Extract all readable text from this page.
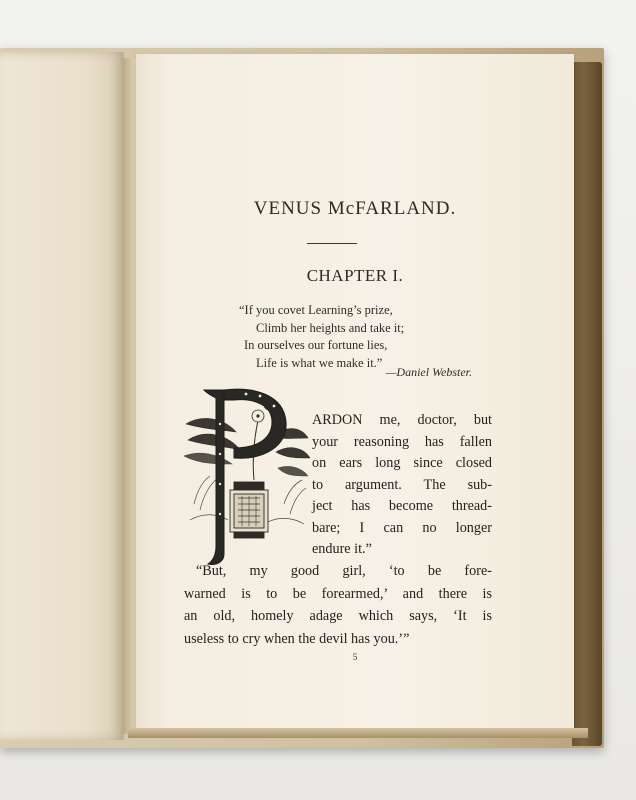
VENUS McFARLAND.
CHAPTER I.
“If you covet Learning’s prize,
Climb her heights and take it;
In ourselves our fortune lies,
Life is what we make it.”
—Daniel Webster.
ARDON me, doctor, but
your reasoning has fallen
on ears long since closed
to argument. The sub-
ject has become thread-
bare; I can no longer
endure it.”
“But, my good girl, ‘to be fore-
warned is to be forearmed,’ and there is
an old, homely adage which says, ‘It is
useless to cry when the devil has you.’”
5
